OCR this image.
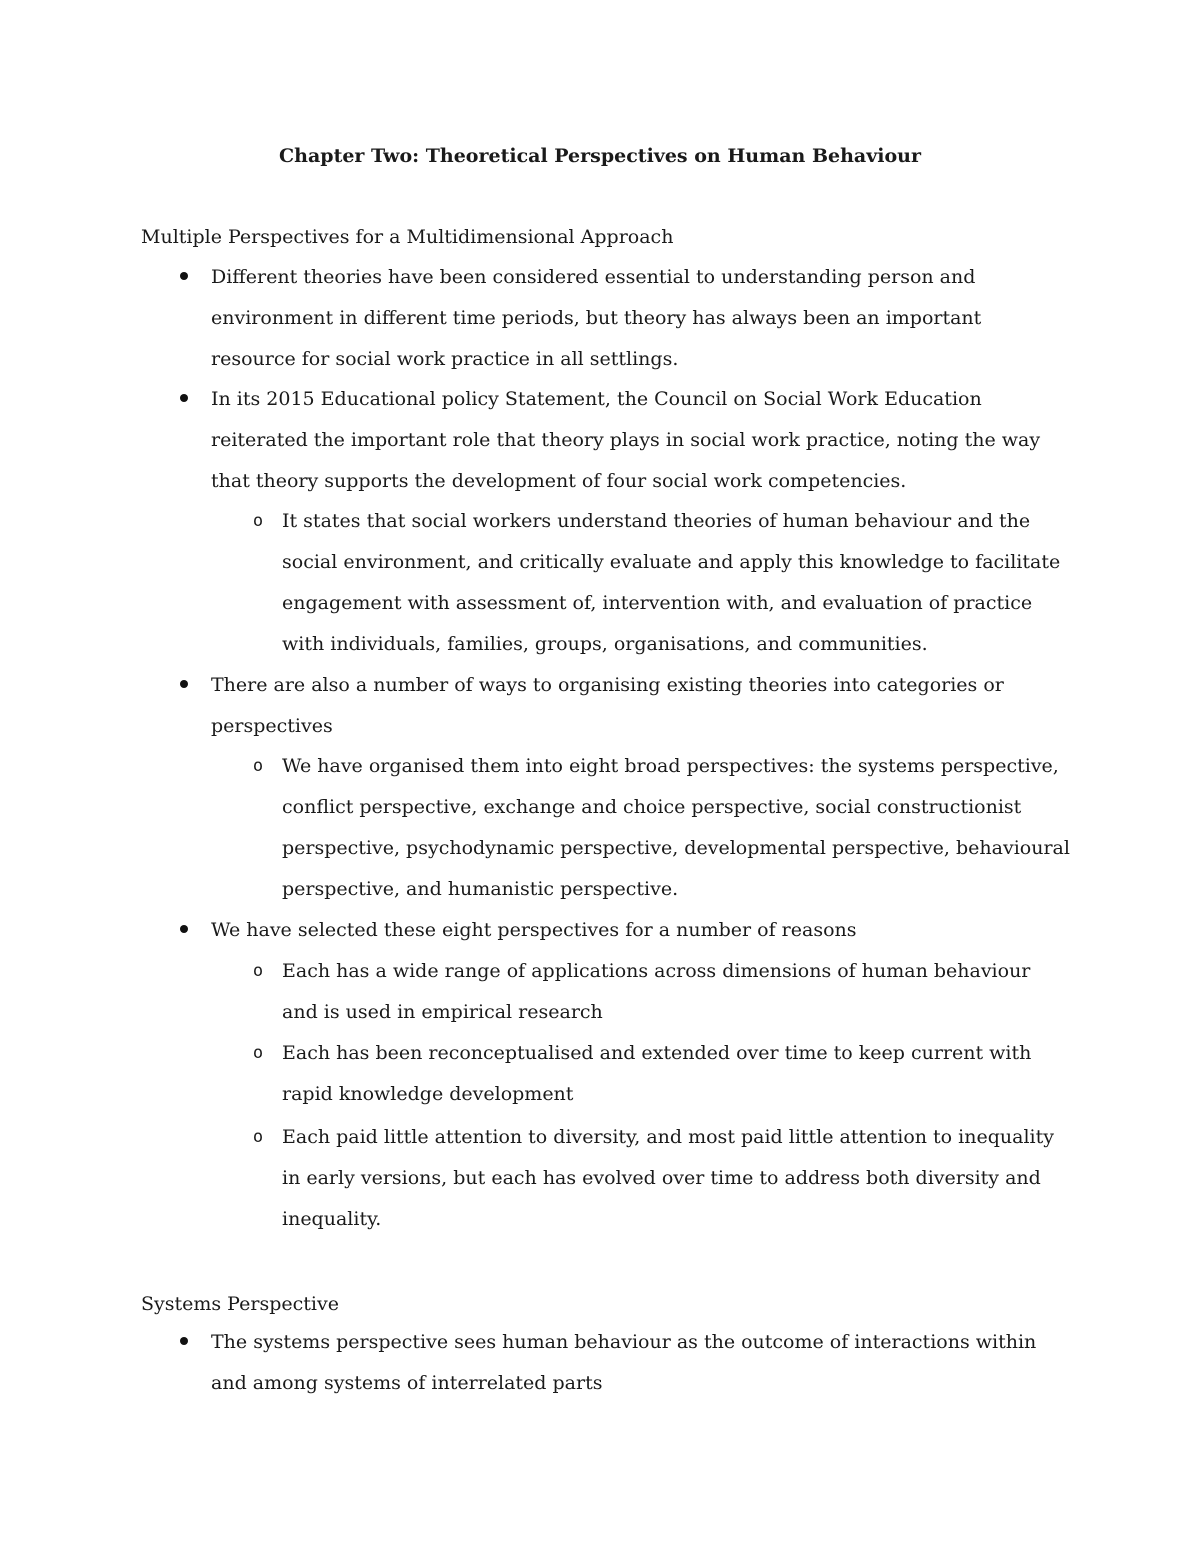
Chapter Two: Theoretical Perspectives on Human Behaviour
Multiple Perspectives for a Multidimensional Approach
Different theories have been considered essential to understanding person and environment in different time periods, but theory has always been an important resource for social work practice in all settlings.
In its 2015 Educational policy Statement, the Council on Social Work Education reiterated the important role that theory plays in social work practice, noting the way that theory supports the development of four social work competencies.
o It states that social workers understand theories of human behaviour and the social environment, and critically evaluate and apply this knowledge to facilitate engagement with assessment of, intervention with, and evaluation of practice with individuals, families, groups, organisations, and communities.
There are also a number of ways to organising existing theories into categories or perspectives
o We have organised them into eight broad perspectives: the systems perspective, conflict perspective, exchange and choice perspective, social constructionist perspective, psychodynamic perspective, developmental perspective, behavioural perspective, and humanistic perspective.
We have selected these eight perspectives for a number of reasons
o Each has a wide range of applications across dimensions of human behaviour and is used in empirical research
o Each has been reconceptualised and extended over time to keep current with rapid knowledge development
o Each paid little attention to diversity, and most paid little attention to inequality in early versions, but each has evolved over time to address both diversity and inequality.
Systems Perspective
The systems perspective sees human behaviour as the outcome of interactions within and among systems of interrelated parts
